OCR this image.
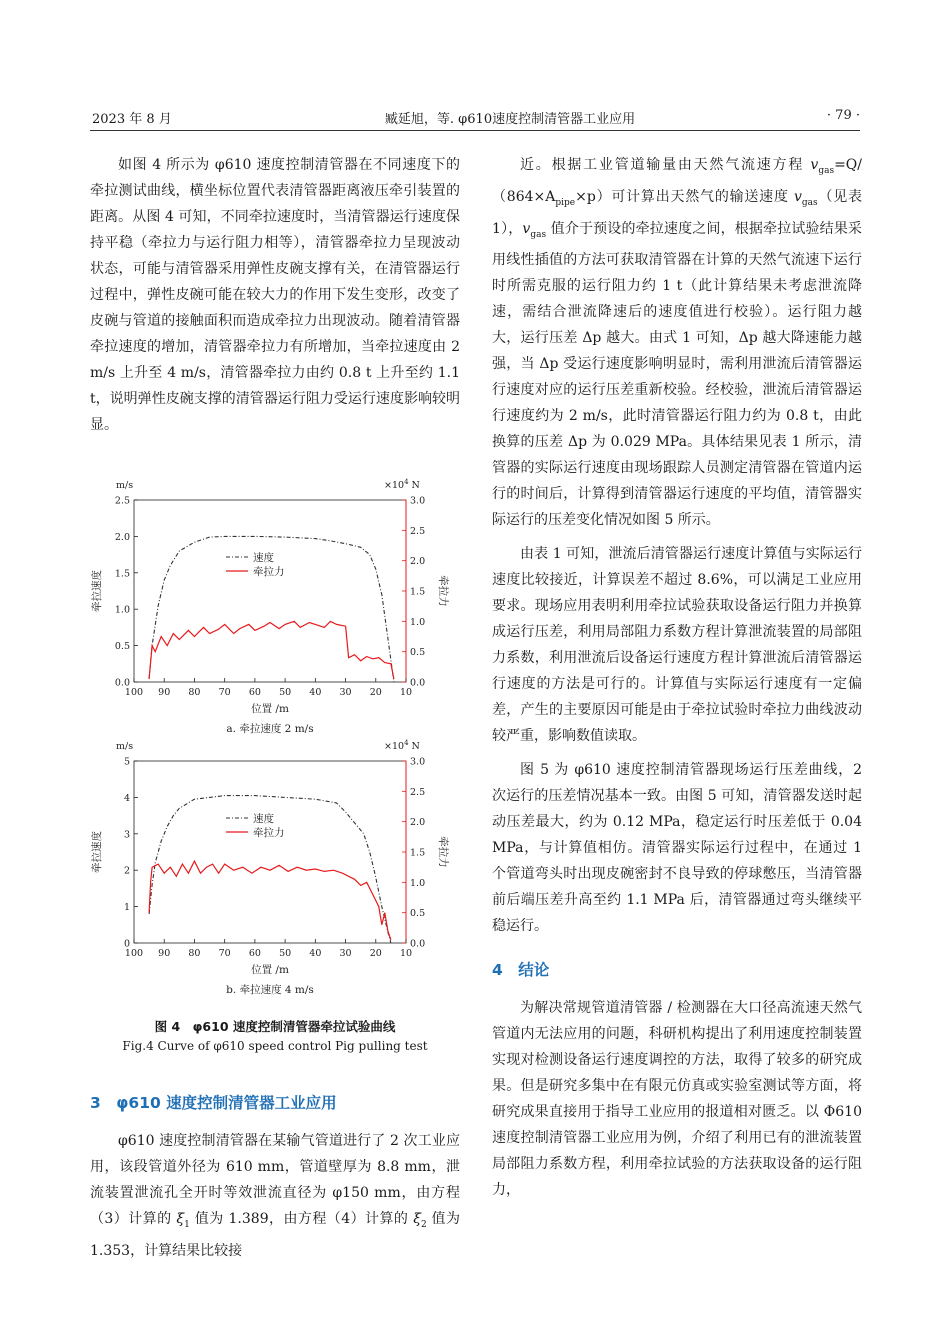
2023 年 8 月	臧延旭，等. φ610速度控制清管器工业应用	· 79 ·

如图 4 所示为 φ610 速度控制清管器在不同速度下的牵拉测试曲线，横坐标位置代表清管器距离液压牵引装置的距离。从图 4 可知，不同牵拉速度时，当清管器运行速度保持平稳（牵拉力与运行阻力相等），清管器牵拉力呈现波动状态，可能与清管器采用弹性皮碗支撑有关，在清管器运行过程中，弹性皮碗可能在较大力的作用下发生变形，改变了皮碗与管道的接触面积而造成牵拉力出现波动。随着清管器牵拉速度的增加，清管器牵拉力有所增加，当牵拉速度由 2 m/s 上升至 4 m/s，清管器牵拉力由约 0.8 t 上升至约 1.1 t，说明弹性皮碗支撑的清管器运行阻力受运行速度影响较明显。

m/s	$\times 10^4$ N
0.0
0.5
1.0
1.5
2.0
2.5
0.0
0.5
1.0
1.5
2.0
2.5
3.0
100 90 80 70 60 50 40 30 20 10
牵拉速度	牵拉力
位置 /m
a. 牵拉速度 2 m/s
速度
牵拉力
m/s	$\times 10^4$ N
0
1
2
3
4
5
0.0
0.5
1.0
1.5
2.0
2.5
3.0
100 90 80 70 60 50 40 30 20 10
牵拉速度	牵拉力
位置 /m
b. 牵拉速度 4 m/s
速度
牵拉力
图 4　φ610 速度控制清管器牵拉试验曲线
Fig.4 Curve of φ610 speed control Pig pulling test
3　φ610 速度控制清管器工业应用

φ610 速度控制清管器在某输气管道进行了 2 次工业应用，该段管道外径为 610 mm，管道壁厚为 8.8 mm，泄流装置泄流孔全开时等效泄流直径为 φ150 mm，由方程（3）计算的 $\xi_1$ 值为 1.389，由方程（4）计算的 $\xi_2$ 值为 1.353，计算结果比较接

近。根据工业管道输量由天然气流速方程 $v_{gas}=Q/(864\times A_{pipe}\times p)$可计算出天然气的输送速度 $v_{gas}$（见表 1），$v_{gas}$ 值介于预设的牵拉速度之间，根据牵拉试验结果采用线性插值的方法可获取清管器在计算的天然气流速下运行时所需克服的运行阻力约 1 t（此计算结果未考虑泄流降速，需结合泄流降速后的速度值进行校验）。运行阻力越大，运行压差 Δp 越大。由式 1 可知，Δp 越大降速能力越强，当 Δp 受运行速度影响明显时，需利用泄流后清管器运行速度对应的运行压差重新校验。经校验，泄流后清管器运行速度约为 2 m/s，此时清管器运行阻力约为 0.8 t，由此换算的压差 Δp 为 0.029 MPa。具体结果见表 1 所示，清管器的实际运行速度由现场跟踪人员测定清管器在管道内运行的时间后，计算得到清管器运行速度的平均值，清管器实际运行的压差变化情况如图 5 所示。

由表 1 可知，泄流后清管器运行速度计算值与实际运行速度比较接近，计算误差不超过 8.6%，可以满足工业应用要求。现场应用表明利用牵拉试验获取设备运行阻力并换算成运行压差，利用局部阻力系数方程计算泄流装置的局部阻力系数，利用泄流后设备运行速度方程计算泄流后清管器运行速度的方法是可行的。计算值与实际运行速度有一定偏差，产生的主要原因可能是由于牵拉试验时牵拉力曲线波动较严重，影响数值读取。

图 5 为 φ610 速度控制清管器现场运行压差曲线，2 次运行的压差情况基本一致。由图 5 可知，清管器发送时起动压差最大，约为 0.12 MPa，稳定运行时压差低于 0.04 MPa，与计算值相仿。清管器实际运行过程中，在通过 1 个管道弯头时出现皮碗密封不良导致的停球憋压，当清管器前后端压差升高至约 1.1 MPa 后，清管器通过弯头继续平稳运行。

4　结论

为解决常规管道清管器 / 检测器在大口径高流速天然气管道内无法应用的问题，科研机构提出了利用速度控制装置实现对检测设备运行速度调控的方法，取得了较多的研究成果。但是研究多集中在有限元仿真或实验室测试等方面，将研究成果直接用于指导工业应用的报道相对匮乏。以 Φ610 速度控制清管器工业应用为例，介绍了利用已有的泄流装置局部阻力系数方程，利用牵拉试验的方法获取设备的运行阻力，
